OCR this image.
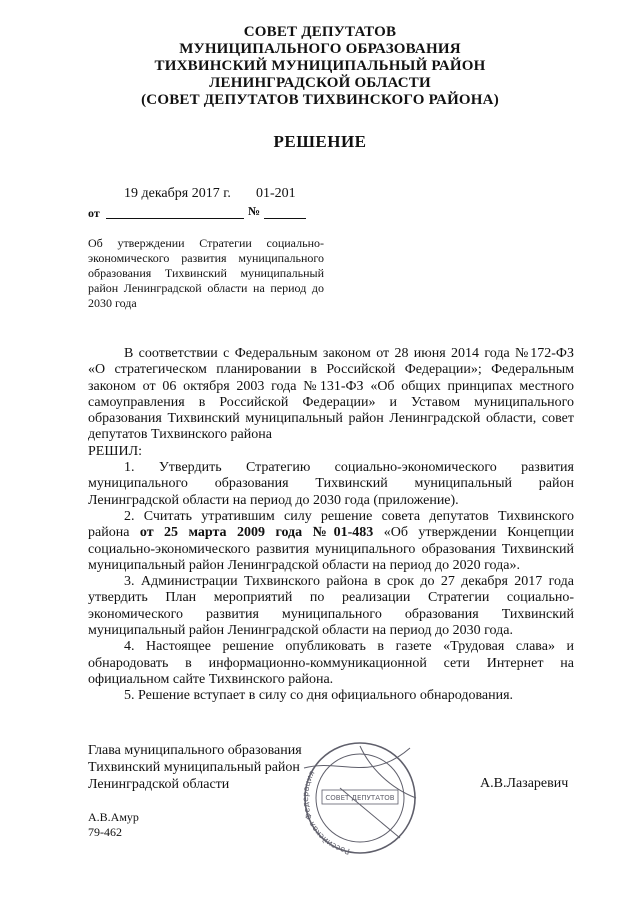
СОВЕТ ДЕПУТАТОВ
МУНИЦИПАЛЬНОГО ОБРАЗОВАНИЯ
ТИХВИНСКИЙ МУНИЦИПАЛЬНЫЙ РАЙОН
ЛЕНИНГРАДСКОЙ ОБЛАСТИ
(СОВЕТ ДЕПУТАТОВ ТИХВИНСКОГО РАЙОНА)
РЕШЕНИЕ
19 декабря 2017 г. 01-201
от	№
Об утверждении Стратегии социально-экономического развития муниципального образования Тихвинский муниципальный район Ленинградской области на период до 2030 года

В соответствии с Федеральным законом от 28 июня 2014 года №172-ФЗ «О стратегическом планировании в Российской Федерации»; Федеральным законом от 06 октября 2003 года №131-ФЗ «Об общих принципах местного самоуправления в Российской Федерации» и Уставом муниципального образования Тихвинский муниципальный район Ленинградской области, совет депутатов Тихвинского района

РЕШИЛ:

1. Утвердить Стратегию социально-экономического развития муниципального образования Тихвинский муниципальный район Ленинградской области на период до 2030 года (приложение).

2. Считать утратившим силу решение совета депутатов Тихвинского района от 25 марта 2009 года №01-483 «Об утверждении Концепции социально-экономического развития муниципального образования Тихвинский муниципальный район Ленинградской области на период до 2020 года».

3. Администрации Тихвинского района в срок до 27 декабря 2017 года утвердить План мероприятий по реализации Стратегии социально- экономического развития муниципального образования Тихвинский муниципальный район Ленинградской области на период до 2030 года.

4. Настоящее решение опубликовать в газете «Трудовая слава» и обнародовать в информационно-коммуникационной сети Интернет на официальном сайте Тихвинского района.

5. Решение вступает в силу со дня официального обнародования.

Глава муниципального образования
Тихвинский муниципальный район
Ленинградской области
Российская Федерация
СОВЕТ ДЕПУТАТОВ
А.В.Лазаревич
А.В.Амур
79-462
